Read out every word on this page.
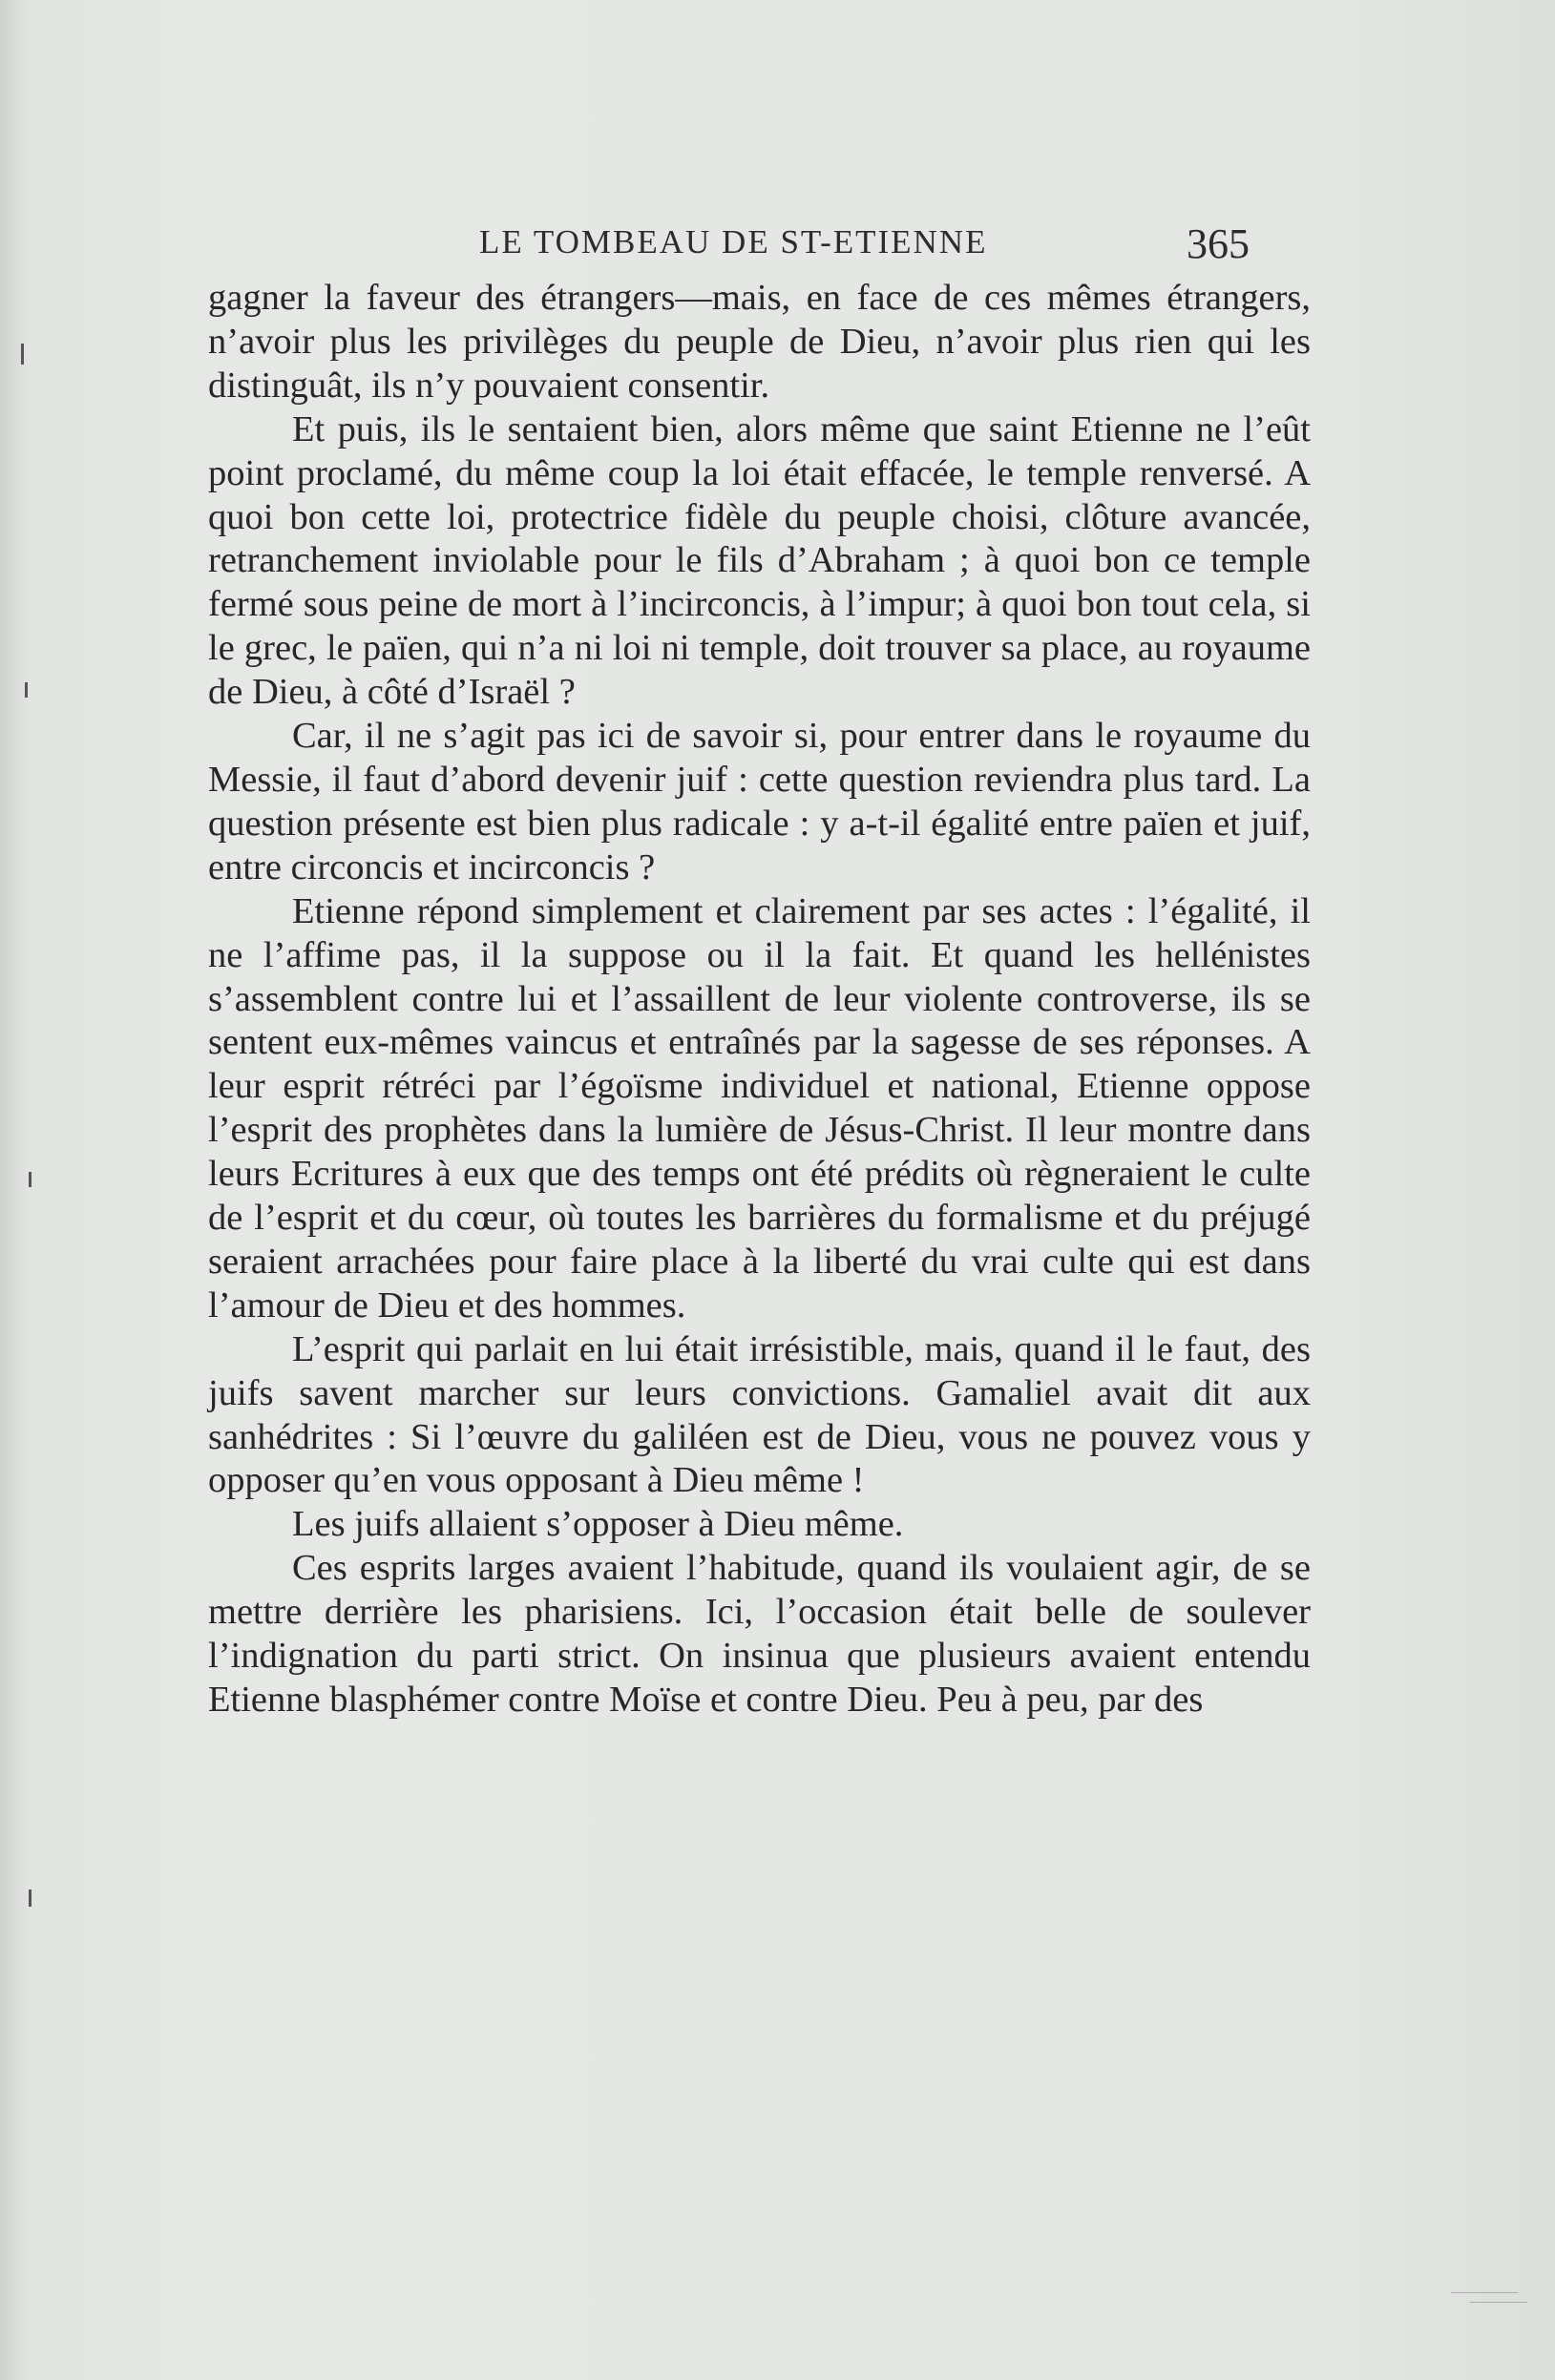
LE TOMBEAU DE ST-ETIENNE	365

gagner la faveur des étrangers—mais, en face de ces mêmes étrangers, n’avoir plus les privilèges du peuple de Dieu, n’avoir plus rien qui les distinguât, ils n’y pouvaient consentir.

Et puis, ils le sentaient bien, alors même que saint Etienne ne l’eût point proclamé, du même coup la loi était effacée, le temple renversé. A quoi bon cette loi, protectrice fidèle du peuple choisi, clôture avancée, retranchement inviolable pour le fils d’Abraham ; à quoi bon ce temple fermé sous peine de mort à l’incirconcis, à l’impur; à quoi bon tout cela, si le grec, le païen, qui n’a ni loi ni temple, doit trouver sa place, au royaume de Dieu, à côté d’Israël ?

Car, il ne s’agit pas ici de savoir si, pour entrer dans le royaume du Messie, il faut d’abord devenir juif : cette question reviendra plus tard. La question présente est bien plus radicale : y a-t-il égalité entre païen et juif, entre circoncis et incirconcis ?

Etienne répond simplement et clairement par ses actes : l’égalité, il ne l’affime pas, il la suppose ou il la fait. Et quand les hellénistes s’assemblent contre lui et l’assaillent de leur violente controverse, ils se sentent eux-mêmes vaincus et entraînés par la sagesse de ses réponses. A leur esprit rétréci par l’égoïsme individuel et national, Etienne oppose l’esprit des prophètes dans la lumière de Jésus-Christ. Il leur montre dans leurs Ecritures à eux que des temps ont été prédits où règneraient le culte de l’esprit et du cœur, où toutes les barrières du formalisme et du préjugé seraient arrachées pour faire place à la liberté du vrai culte qui est dans l’amour de Dieu et des hommes.

L’esprit qui parlait en lui était irrésistible, mais, quand il le faut, des juifs savent marcher sur leurs convictions. Gamaliel avait dit aux sanhédrites : Si l’œuvre du galiléen est de Dieu, vous ne pouvez vous y opposer qu’en vous opposant à Dieu même !

Les juifs allaient s’opposer à Dieu même.

Ces esprits larges avaient l’habitude, quand ils voulaient agir, de se mettre derrière les pharisiens. Ici, l’occasion était belle de soulever l’indignation du parti strict. On insinua que plusieurs avaient entendu Etienne blasphémer contre Moïse et contre Dieu. Peu à peu, par des
